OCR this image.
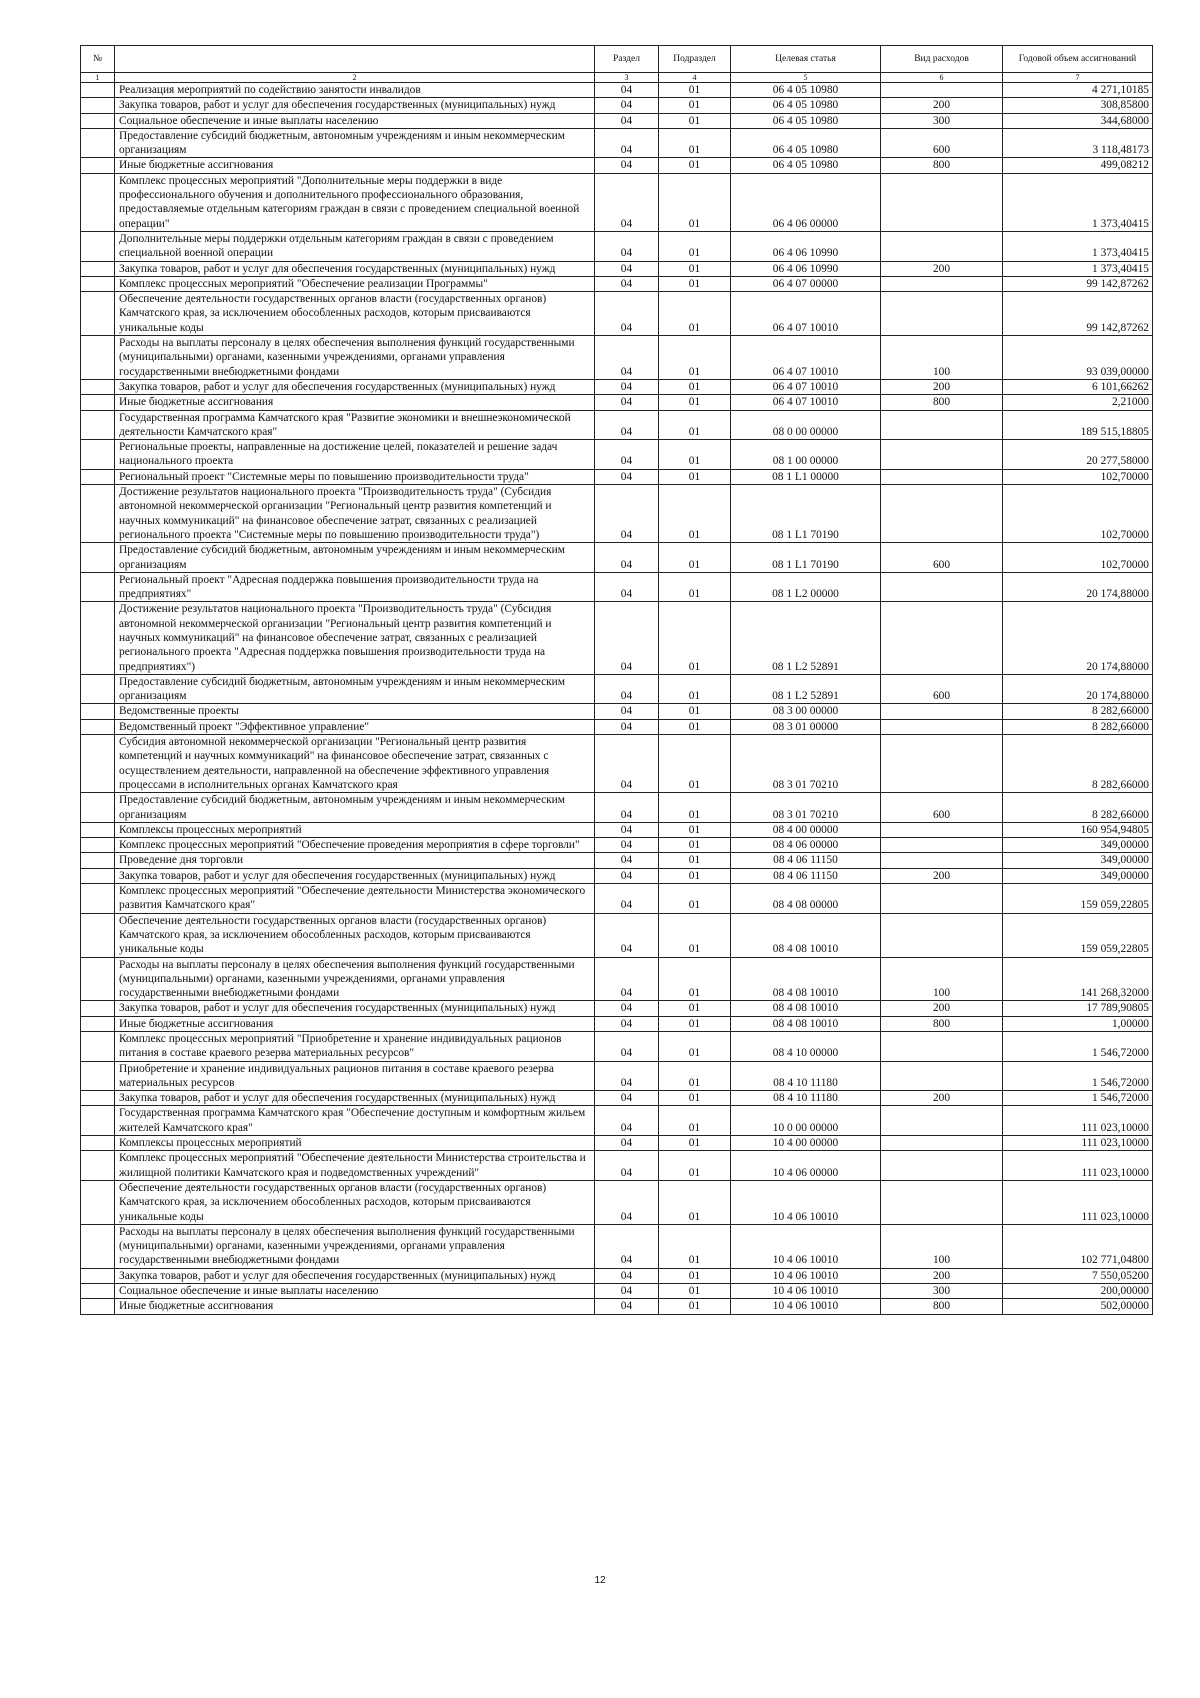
№		Раздел	Подраздел	Целевая статья	Вид расходов	Годовой объем ассигнований
1	2	3	4	5	6	7
	Реализация мероприятий по содействию занятости инвалидов	04	01	06 4 05 10980		4 271,10185
	Закупка товаров, работ и услуг для обеспечения государственных (муниципальных) нужд	04	01	06 4 05 10980	200	308,85800
	Социальное обеспечение и иные выплаты населению	04	01	06 4 05 10980	300	344,68000
	Предоставление субсидий бюджетным, автономным учреждениям и иным некоммерческим организациям	04	01	06 4 05 10980	600	3 118,48173
	Иные бюджетные ассигнования	04	01	06 4 05 10980	800	499,08212
	Комплекс процессных мероприятий "Дополнительные меры поддержки в виде профессионального обучения и дополнительного профессионального образования, предоставляемые отдельным категориям граждан в связи с проведением специальной военной операции"	04	01	06 4 06 00000		1 373,40415
	Дополнительные меры поддержки отдельным категориям граждан в связи с проведением специальной военной операции	04	01	06 4 06 10990		1 373,40415
	Закупка товаров, работ и услуг для обеспечения государственных (муниципальных) нужд	04	01	06 4 06 10990	200	1 373,40415
	Комплекс процессных мероприятий "Обеспечение реализации Программы"	04	01	06 4 07 00000		99 142,87262
	Обеспечение деятельности государственных органов власти (государственных органов) Камчатского края, за исключением обособленных расходов, которым присваиваются уникальные коды	04	01	06 4 07 10010		99 142,87262
	Расходы на выплаты персоналу в целях обеспечения выполнения функций государственными (муниципальными) органами, казенными учреждениями, органами управления государственными внебюджетными фондами	04	01	06 4 07 10010	100	93 039,00000
	Закупка товаров, работ и услуг для обеспечения государственных (муниципальных) нужд	04	01	06 4 07 10010	200	6 101,66262
	Иные бюджетные ассигнования	04	01	06 4 07 10010	800	2,21000
	Государственная программа Камчатского края "Развитие экономики и внешнеэкономической деятельности Камчатского края"	04	01	08 0 00 00000		189 515,18805
	Региональные проекты, направленные на достижение целей, показателей и решение задач национального проекта	04	01	08 1 00 00000		20 277,58000
	Региональный проект "Системные меры по повышению производительности труда"	04	01	08 1 L1 00000		102,70000
	Достижение результатов национального проекта "Производительность труда" (Субсидия автономной некоммерческой организации "Региональный центр развития компетенций и научных коммуникаций" на финансовое обеспечение затрат, связанных с реализацией регионального проекта "Системные меры по повышению производительности труда")	04	01	08 1 L1 70190		102,70000
	Предоставление субсидий бюджетным, автономным учреждениям и иным некоммерческим организациям	04	01	08 1 L1 70190	600	102,70000
	Региональный проект "Адресная поддержка повышения производительности труда на предприятиях"	04	01	08 1 L2 00000		20 174,88000
	Достижение результатов национального проекта "Производительность труда" (Субсидия автономной некоммерческой организации "Региональный центр развития компетенций и научных коммуникаций" на финансовое обеспечение затрат, связанных с реализацией регионального проекта "Адресная поддержка повышения производительности труда на предприятиях")	04	01	08 1 L2 52891		20 174,88000
	Предоставление субсидий бюджетным, автономным учреждениям и иным некоммерческим организациям	04	01	08 1 L2 52891	600	20 174,88000
	Ведомственные проекты	04	01	08 3 00 00000		8 282,66000
	Ведомственный проект "Эффективное управление"	04	01	08 3 01 00000		8 282,66000
	Субсидия автономной некоммерческой организации "Региональный центр развития компетенций и научных коммуникаций" на финансовое обеспечение затрат, связанных с осуществлением деятельности, направленной на обеспечение эффективного управления процессами в исполнительных органах Камчатского края	04	01	08 3 01 70210		8 282,66000
	Предоставление субсидий бюджетным, автономным учреждениям и иным некоммерческим организациям	04	01	08 3 01 70210	600	8 282,66000
	Комплексы процессных мероприятий	04	01	08 4 00 00000		160 954,94805
	Комплекс процессных мероприятий "Обеспечение проведения мероприятия в сфере торговли"	04	01	08 4 06 00000		349,00000
	Проведение дня торговли	04	01	08 4 06 11150		349,00000
	Закупка товаров, работ и услуг для обеспечения государственных (муниципальных) нужд	04	01	08 4 06 11150	200	349,00000
	Комплекс процессных мероприятий "Обеспечение деятельности Министерства экономического развития Камчатского края"	04	01	08 4 08 00000		159 059,22805
	Обеспечение деятельности государственных органов власти (государственных органов) Камчатского края, за исключением обособленных расходов, которым присваиваются уникальные коды	04	01	08 4 08 10010		159 059,22805
	Расходы на выплаты персоналу в целях обеспечения выполнения функций государственными (муниципальными) органами, казенными учреждениями, органами управления государственными внебюджетными фондами	04	01	08 4 08 10010	100	141 268,32000
	Закупка товаров, работ и услуг для обеспечения государственных (муниципальных) нужд	04	01	08 4 08 10010	200	17 789,90805
	Иные бюджетные ассигнования	04	01	08 4 08 10010	800	1,00000
	Комплекс процессных мероприятий "Приобретение и хранение индивидуальных рационов питания в составе краевого резерва материальных ресурсов"	04	01	08 4 10 00000		1 546,72000
	Приобретение и хранение индивидуальных рационов питания в составе краевого резерва материальных ресурсов	04	01	08 4 10 11180		1 546,72000
	Закупка товаров, работ и услуг для обеспечения государственных (муниципальных) нужд	04	01	08 4 10 11180	200	1 546,72000
	Государственная программа Камчатского края "Обеспечение доступным и комфортным жильем жителей Камчатского края"	04	01	10 0 00 00000		111 023,10000
	Комплексы процессных мероприятий	04	01	10 4 00 00000		111 023,10000
	Комплекс процессных мероприятий "Обеспечение деятельности Министерства строительства и жилищной политики Камчатского края и подведомственных учреждений"	04	01	10 4 06 00000		111 023,10000
	Обеспечение деятельности государственных органов власти (государственных органов) Камчатского края, за исключением обособленных расходов, которым присваиваются уникальные коды	04	01	10 4 06 10010		111 023,10000
	Расходы на выплаты персоналу в целях обеспечения выполнения функций государственными (муниципальными) органами, казенными учреждениями, органами управления государственными внебюджетными фондами	04	01	10 4 06 10010	100	102 771,04800
	Закупка товаров, работ и услуг для обеспечения государственных (муниципальных) нужд	04	01	10 4 06 10010	200	7 550,05200
	Социальное обеспечение и иные выплаты населению	04	01	10 4 06 10010	300	200,00000
	Иные бюджетные ассигнования	04	01	10 4 06 10010	800	502,00000
12
